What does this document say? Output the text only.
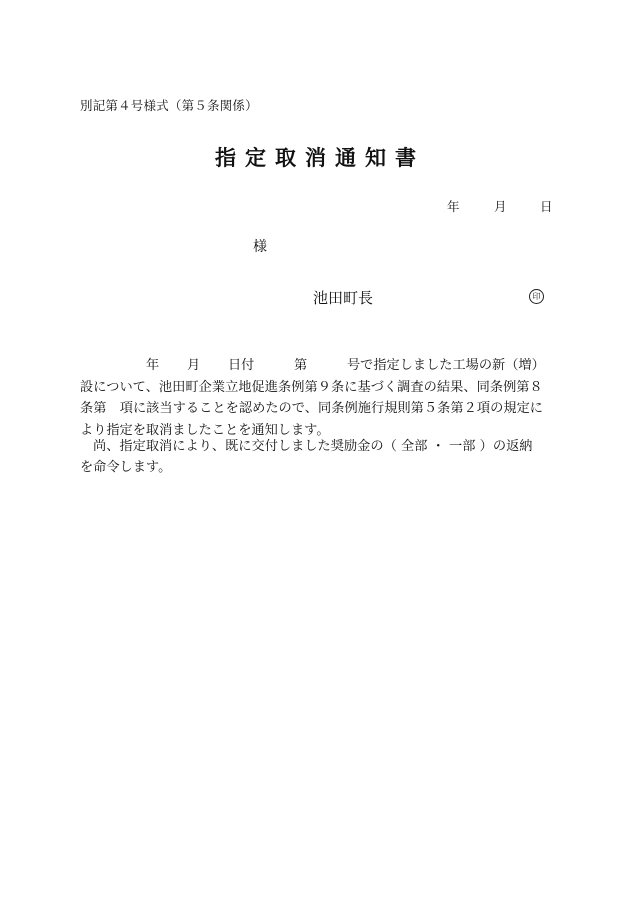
別記第４号様式（第５条関係）
指定取消通知書
年	月	日
様
池田町長	印
年 月 日付	第	号で指定しました工場の新（増）
設について、池田町企業立地促進条例第９条に基づく調査の結果、同条例第８
条第　項に該当することを認めたので、同条例施行規則第５条第２項の規定に
より指定を取消ましたことを通知します。
尚、指定取消により、既に交付しました奨励金の（ 全部 ・ 一部 ）の返納
を命令します。
